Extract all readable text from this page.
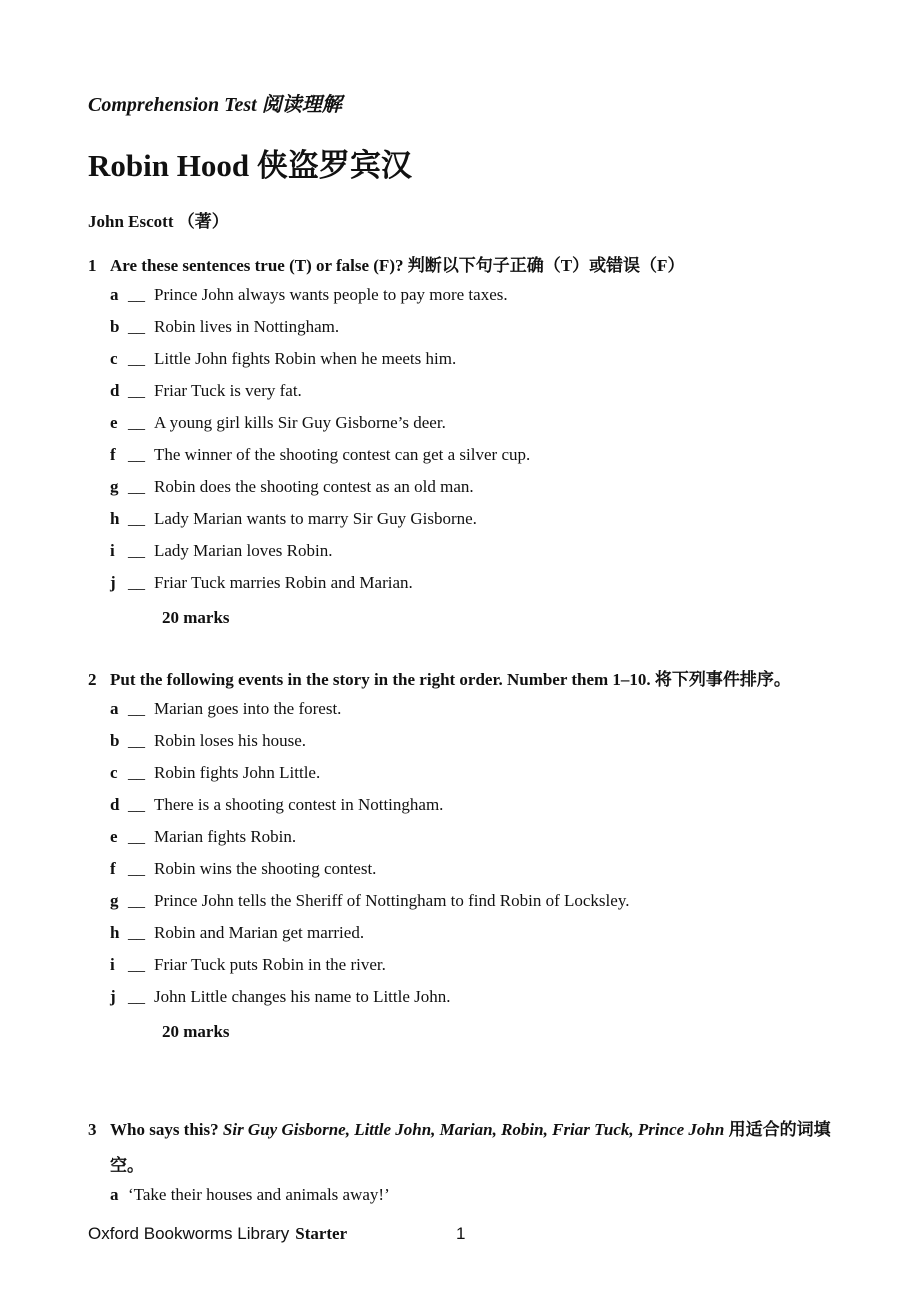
Comprehension Test 阅读理解
Robin Hood 侠盗罗宾汉
John Escott （著）
1 Are these sentences true (T) or false (F)? 判断以下句子正确（T）或错误（F）
a __ Prince John always wants people to pay more taxes.
b __ Robin lives in Nottingham.
c __ Little John fights Robin when he meets him.
d __ Friar Tuck is very fat.
e __ A young girl kills Sir Guy Gisborne’s deer.
f __ The winner of the shooting contest can get a silver cup.
g __ Robin does the shooting contest as an old man.
h __ Lady Marian wants to marry Sir Guy Gisborne.
i __ Lady Marian loves Robin.
j __ Friar Tuck marries Robin and Marian.
20 marks
2 Put the following events in the story in the right order. Number them 1–10. 将下列事件排序。
a __ Marian goes into the forest.
b __ Robin loses his house.
c __ Robin fights John Little.
d __ There is a shooting contest in Nottingham.
e __ Marian fights Robin.
f __ Robin wins the shooting contest.
g __ Prince John tells the Sheriff of Nottingham to find Robin of Locksley.
h __ Robin and Marian get married.
i __ Friar Tuck puts Robin in the river.
j __ John Little changes his name to Little John.
20 marks
3 Who says this? Sir Guy Gisborne, Little John, Marian, Robin, Friar Tuck, Prince John 用适合的词填空。
a ‘Take their houses and animals away!’
Oxford Bookworms Library Starter	1
